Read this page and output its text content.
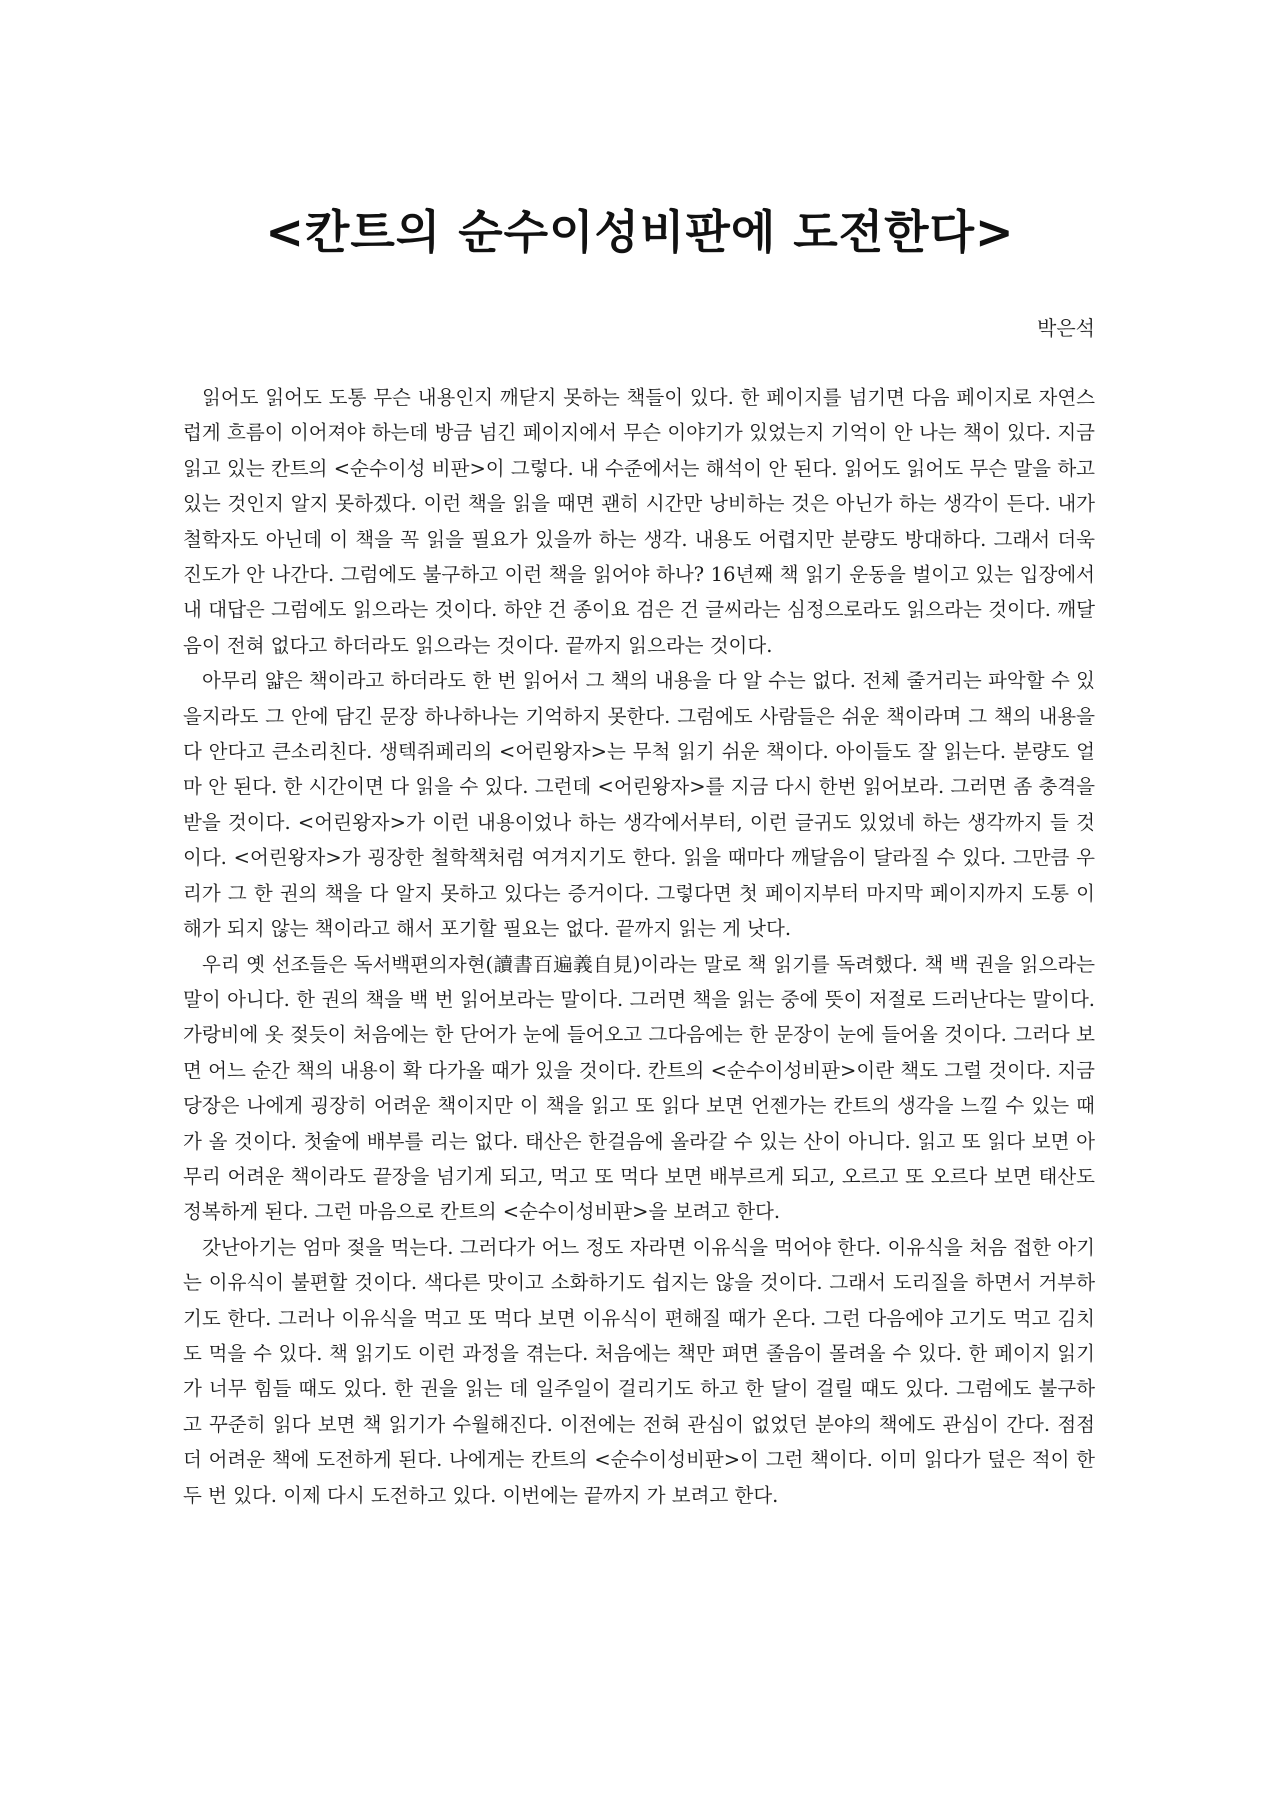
<칸트의 순수이성비판에 도전한다>
박은석

읽어도 읽어도 도통 무슨 내용인지 깨닫지 못하는 책들이 있다. 한 페이지를 넘기면 다음 페이지로 자연스럽게 흐름이 이어져야 하는데 방금 넘긴 페이지에서 무슨 이야기가 있었는지 기억이 안 나는 책이 있다. 지금 읽고 있는 칸트의 <순수이성 비판>이 그렇다. 내 수준에서는 해석이 안 된다. 읽어도 읽어도 무슨 말을 하고 있는 것인지 알지 못하겠다. 이런 책을 읽을 때면 괜히 시간만 낭비하는 것은 아닌가 하는 생각이 든다. 내가 철학자도 아닌데 이 책을 꼭 읽을 필요가 있을까 하는 생각. 내용도 어렵지만 분량도 방대하다. 그래서 더욱 진도가 안 나간다. 그럼에도 불구하고 이런 책을 읽어야 하나? 16년째 책 읽기 운동을 벌이고 있는 입장에서 내 대답은 그럼에도 읽으라는 것이다. 하얀 건 종이요 검은 건 글씨라는 심정으로라도 읽으라는 것이다. 깨달음이 전혀 없다고 하더라도 읽으라는 것이다. 끝까지 읽으라는 것이다.

아무리 얇은 책이라고 하더라도 한 번 읽어서 그 책의 내용을 다 알 수는 없다. 전체 줄거리는 파악할 수 있을지라도 그 안에 담긴 문장 하나하나는 기억하지 못한다. 그럼에도 사람들은 쉬운 책이라며 그 책의 내용을 다 안다고 큰소리친다. 생텍쥐페리의 <어린왕자>는 무척 읽기 쉬운 책이다. 아이들도 잘 읽는다. 분량도 얼마 안 된다. 한 시간이면 다 읽을 수 있다. 그런데 <어린왕자>를 지금 다시 한번 읽어보라. 그러면 좀 충격을 받을 것이다. <어린왕자>가 이런 내용이었나 하는 생각에서부터, 이런 글귀도 있었네 하는 생각까지 들 것이다. <어린왕자>가 굉장한 철학책처럼 여겨지기도 한다. 읽을 때마다 깨달음이 달라질 수 있다. 그만큼 우리가 그 한 권의 책을 다 알지 못하고 있다는 증거이다. 그렇다면 첫 페이지부터 마지막 페이지까지 도통 이해가 되지 않는 책이라고 해서 포기할 필요는 없다. 끝까지 읽는 게 낫다.

우리 옛 선조들은 독서백편의자현(讀書百遍義自見)이라는 말로 책 읽기를 독려했다. 책 백 권을 읽으라는 말이 아니다. 한 권의 책을 백 번 읽어보라는 말이다. 그러면 책을 읽는 중에 뜻이 저절로 드러난다는 말이다. 가랑비에 옷 젖듯이 처음에는 한 단어가 눈에 들어오고 그다음에는 한 문장이 눈에 들어올 것이다. 그러다 보면 어느 순간 책의 내용이 확 다가올 때가 있을 것이다. 칸트의 <순수이성비판>이란 책도 그럴 것이다. 지금 당장은 나에게 굉장히 어려운 책이지만 이 책을 읽고 또 읽다 보면 언젠가는 칸트의 생각을 느낄 수 있는 때가 올 것이다. 첫술에 배부를 리는 없다. 태산은 한걸음에 올라갈 수 있는 산이 아니다. 읽고 또 읽다 보면 아무리 어려운 책이라도 끝장을 넘기게 되고, 먹고 또 먹다 보면 배부르게 되고, 오르고 또 오르다 보면 태산도 정복하게 된다. 그런 마음으로 칸트의 <순수이성비판>을 보려고 한다.

갓난아기는 엄마 젖을 먹는다. 그러다가 어느 정도 자라면 이유식을 먹어야 한다. 이유식을 처음 접한 아기는 이유식이 불편할 것이다. 색다른 맛이고 소화하기도 쉽지는 않을 것이다. 그래서 도리질을 하면서 거부하기도 한다. 그러나 이유식을 먹고 또 먹다 보면 이유식이 편해질 때가 온다. 그런 다음에야 고기도 먹고 김치도 먹을 수 있다. 책 읽기도 이런 과정을 겪는다. 처음에는 책만 펴면 졸음이 몰려올 수 있다. 한 페이지 읽기가 너무 힘들 때도 있다. 한 권을 읽는 데 일주일이 걸리기도 하고 한 달이 걸릴 때도 있다. 그럼에도 불구하고 꾸준히 읽다 보면 책 읽기가 수월해진다. 이전에는 전혀 관심이 없었던 분야의 책에도 관심이 간다. 점점 더 어려운 책에 도전하게 된다. 나에게는 칸트의 <순수이성비판>이 그런 책이다. 이미 읽다가 덮은 적이 한두 번 있다. 이제 다시 도전하고 있다. 이번에는 끝까지 가 보려고 한다.
